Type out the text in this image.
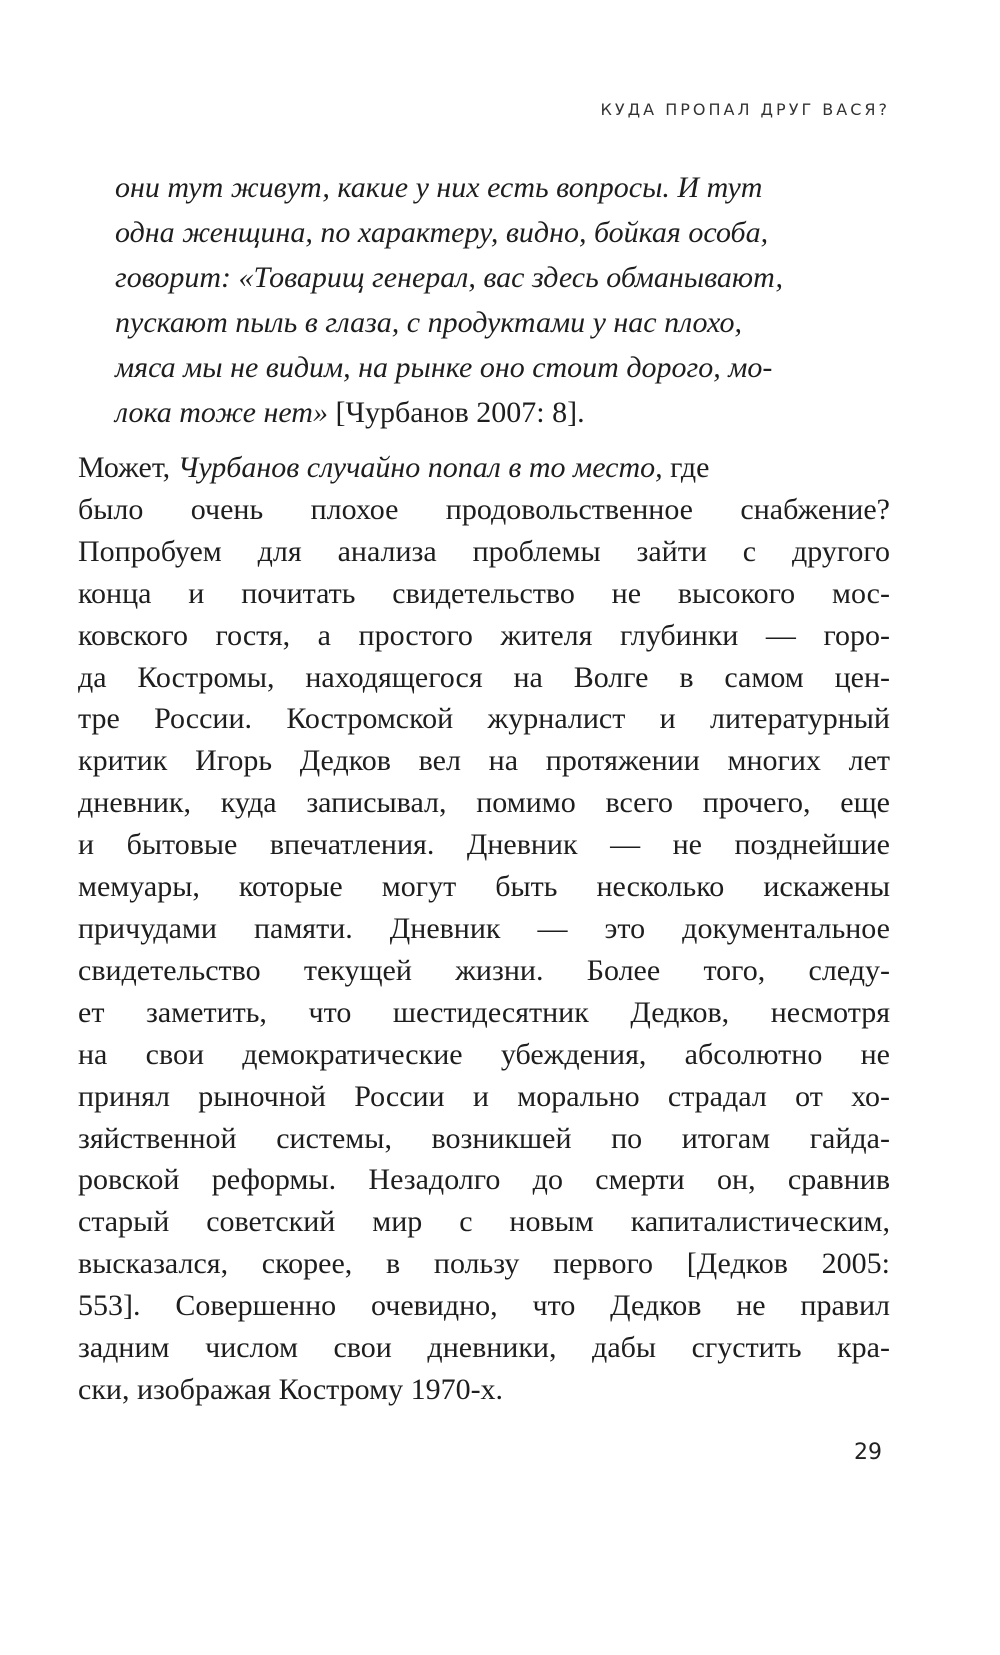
КУДА ПРОПАЛ ДРУГ ВАСЯ?
они тут живут, какие у них есть вопросы. И тут
одна женщина, по характеру, видно, бойкая особа,
говорит: «Товарищ генерал, вас здесь обманывают,
пускают пыль в глаза, с продуктами у нас плохо,
мяса мы не видим, на рынке оно стоит дорого, мо-
лока тоже нет» [Чурбанов 2007: 8].
Может, Чурбанов случайно попал в то место, где
было очень плохое продовольственное снабжение?
Попробуем для анализа проблемы зайти с другого
конца и почитать свидетельство не высокого мос-
ковского гостя, а простого жителя глубинки — горо-
да Костромы, находящегося на Волге в самом цен-
тре России. Костромской журналист и литературный
критик Игорь Дедков вел на протяжении многих лет
дневник, куда записывал, помимо всего прочего, еще
и бытовые впечатления. Дневник — не позднейшие
мемуары, которые могут быть несколько искажены
причудами памяти. Дневник — это документальное
свидетельство текущей жизни. Более того, следу-
ет заметить, что шестидесятник Дедков, несмотря
на свои демократические убеждения, абсолютно не
принял рыночной России и морально страдал от хо-
зяйственной системы, возникшей по итогам гайда-
ровской реформы. Незадолго до смерти он, сравнив
старый советский мир с новым капиталистическим,
высказался, скорее, в пользу первого [Дедков 2005:
553]. Совершенно очевидно, что Дедков не правил
задним числом свои дневники, дабы сгустить кра-
ски, изображая Кострому 1970-х.
29
